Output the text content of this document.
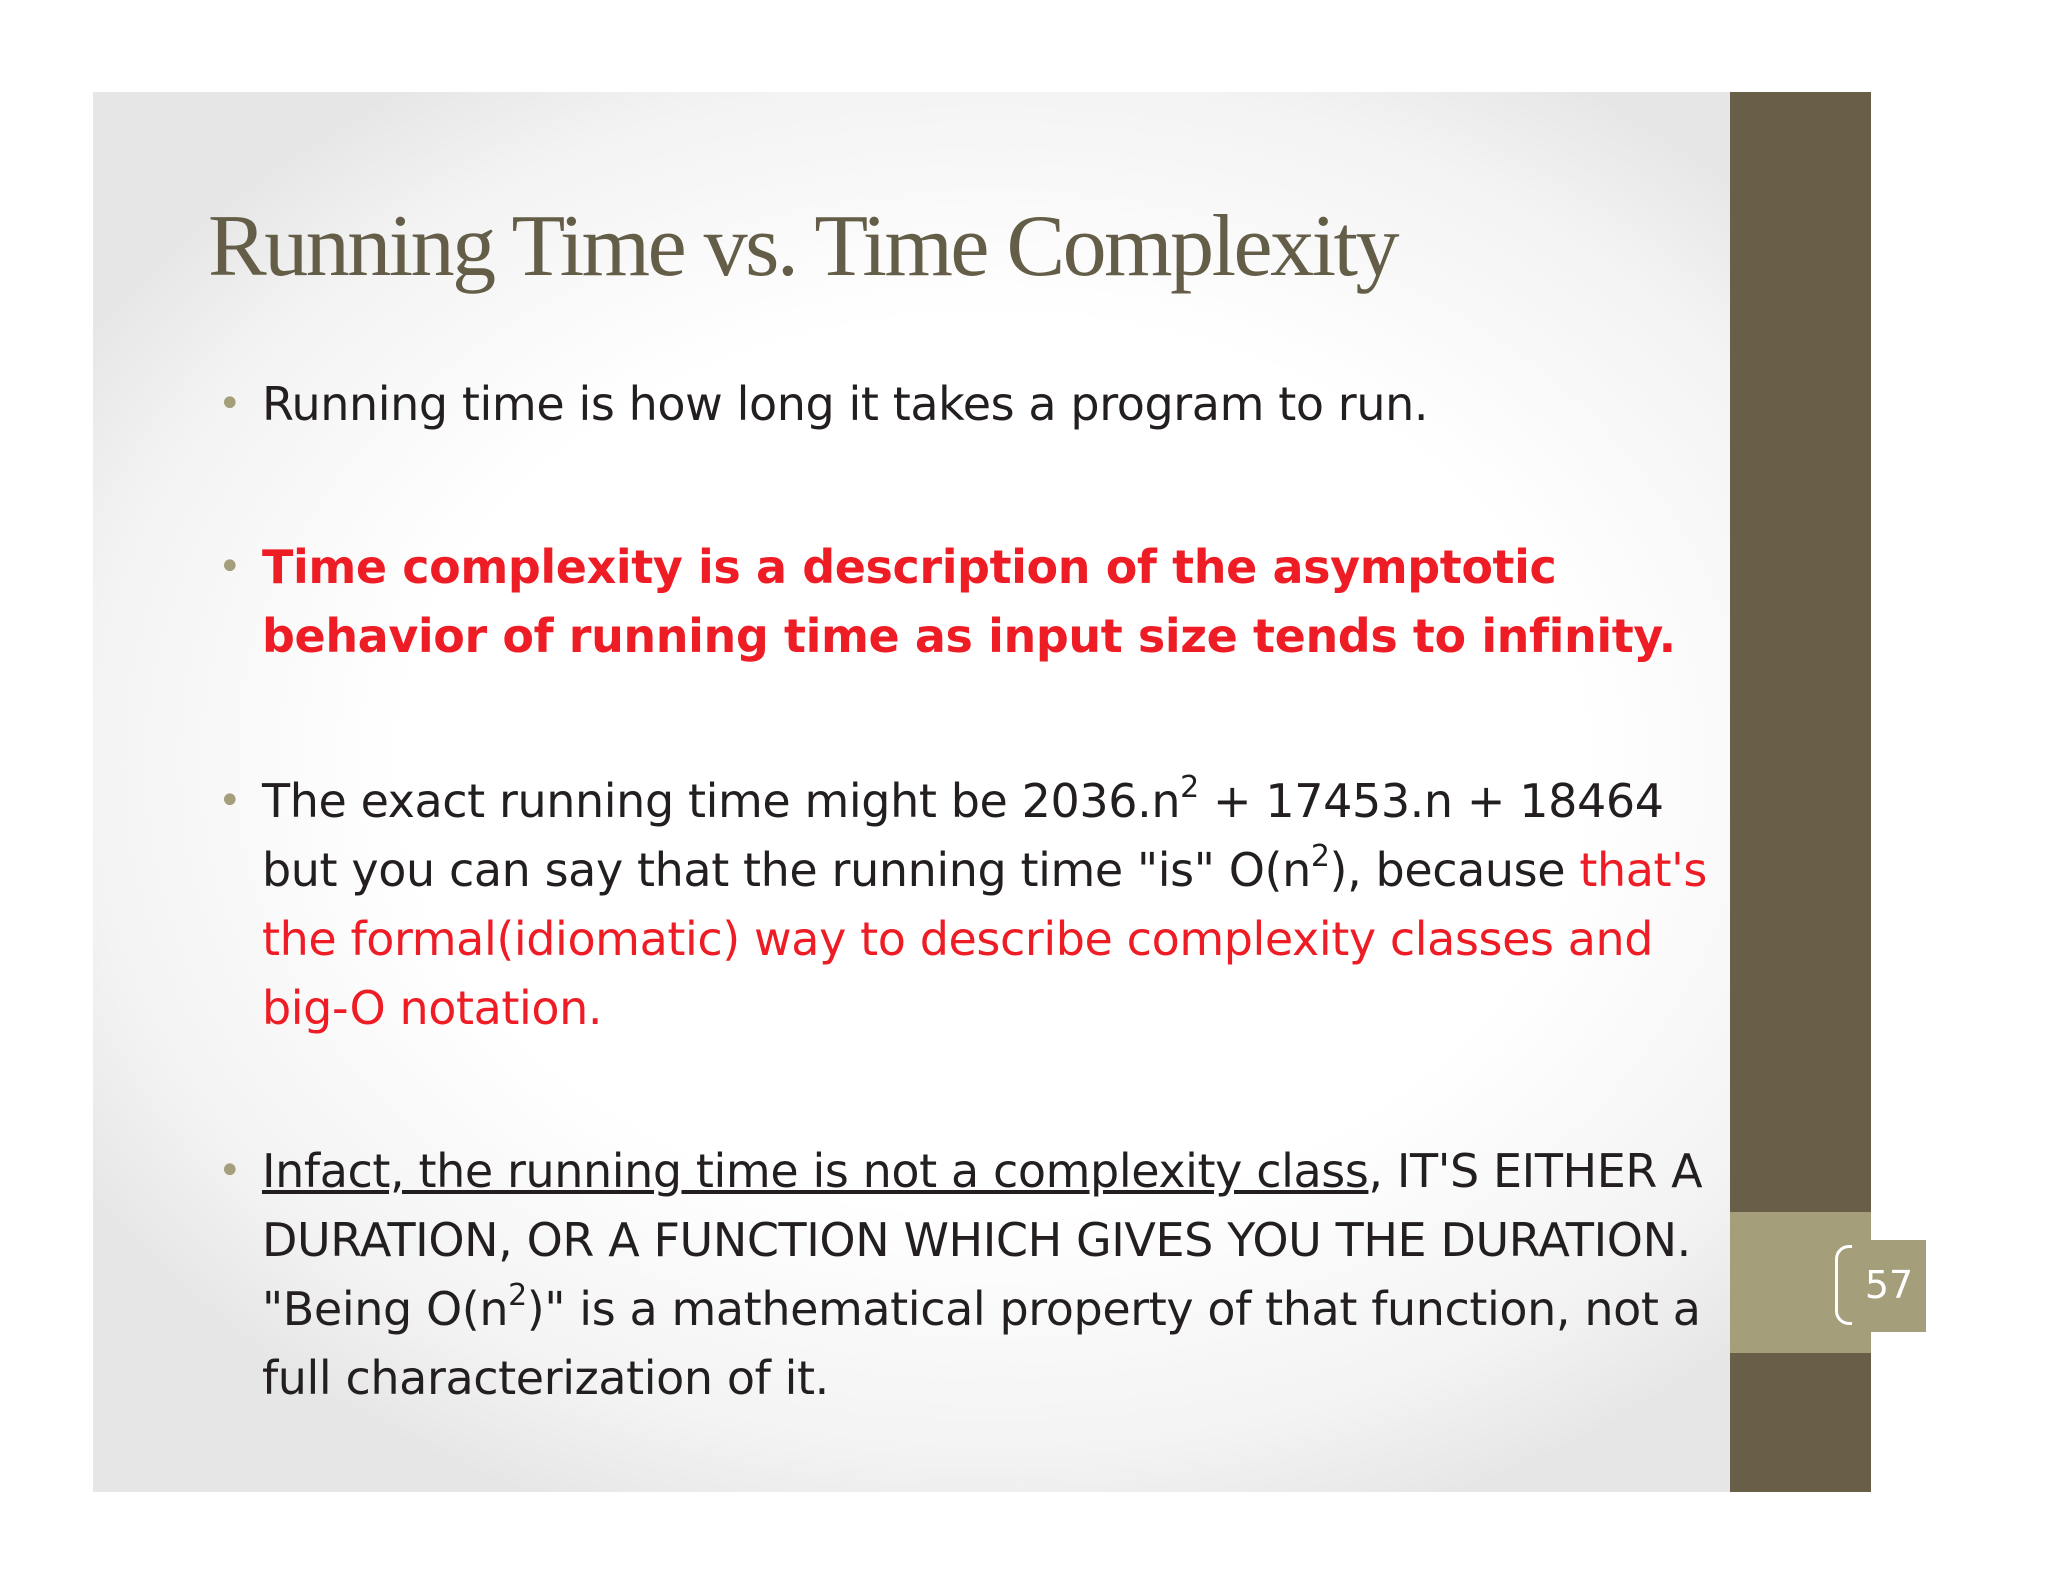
57
Running Time vs. Time Complexity
• Running time is how long it takes a program to run.
• Time complexity is a description of the asymptotic behavior of running time as input size tends to infinity.
• The exact running time might be $2036.n^2 + 17453.n + 18464$ but you can say that the running time "is" $O(n^2)$, because that's the formal(idiomatic) way to describe complexity classes and big-O notation.
• Infact, the running time is not a complexity class, IT'S EITHER A DURATION, OR A FUNCTION WHICH GIVES YOU THE DURATION. "Being $O(n^2)$" is a mathematical property of that function, not a full characterization of it.
